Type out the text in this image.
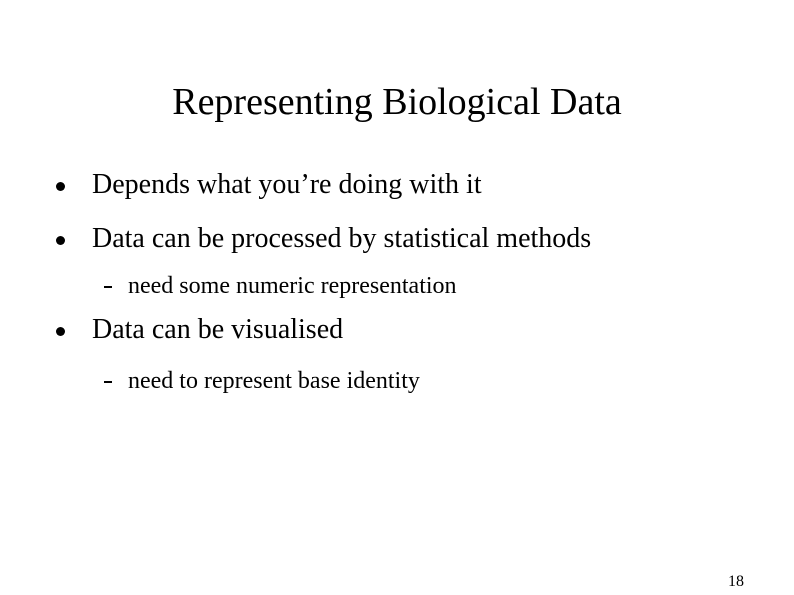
Representing Biological Data
Depends what you’re doing with it
Data can be processed by statistical methods
need some numeric representation
Data can be visualised
need to represent base identity
18
